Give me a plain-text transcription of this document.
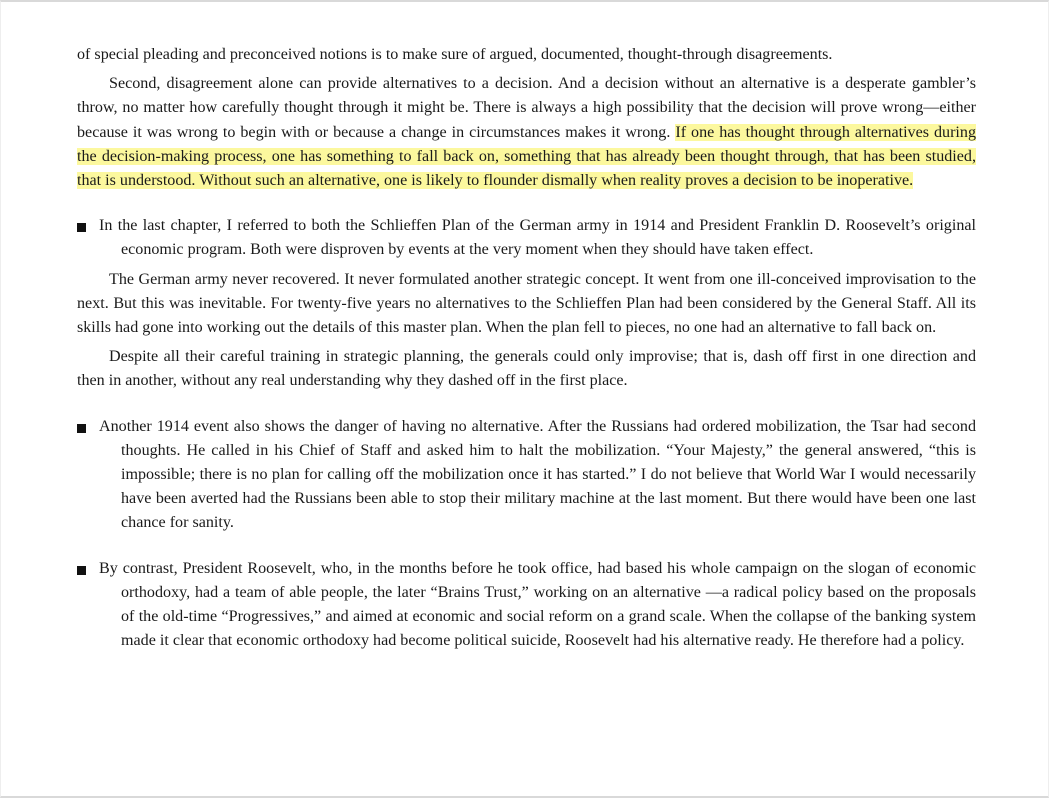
of special pleading and preconceived notions is to make sure of argued, documented, thought-through disagreements.

Second, disagreement alone can provide alternatives to a decision. And a decision without an alternative is a desperate gambler’s throw, no matter how carefully thought through it might be. There is always a high possibility that the decision will prove wrong—either because it was wrong to begin with or because a change in circumstances makes it wrong. If one has thought through alternatives during the decision-making process, one has something to fall back on, something that has already been thought through, that has been studied, that is understood. Without such an alternative, one is likely to flounder dismally when reality proves a decision to be inoperative.

In the last chapter, I referred to both the Schlieffen Plan of the German army in 1914 and President Franklin D. Roosevelt’s original economic program. Both were disproven by events at the very moment when they should have taken effect.

The German army never recovered. It never formulated another strategic concept. It went from one ill-conceived improvisation to the next. But this was inevitable. For twenty-five years no alternatives to the Schlieffen Plan had been considered by the General Staff. All its skills had gone into working out the details of this master plan. When the plan fell to pieces, no one had an alternative to fall back on.

Despite all their careful training in strategic planning, the generals could only improvise; that is, dash off first in one direction and then in another, without any real understanding why they dashed off in the first place.

Another 1914 event also shows the danger of having no alternative. After the Russians had ordered mobilization, the Tsar had second thoughts. He called in his Chief of Staff and asked him to halt the mobilization. “Your Majesty,” the general answered, “this is impossible; there is no plan for calling off the mobilization once it has started.” I do not believe that World War I would necessarily have been averted had the Russians been able to stop their military machine at the last moment. But there would have been one last chance for sanity.
By contrast, President Roosevelt, who, in the months before he took office, had based his whole campaign on the slogan of economic orthodoxy, had a team of able people, the later “Brains Trust,” working on an alternative —a radical policy based on the proposals of the old-time “Progressives,” and aimed at economic and social reform on a grand scale. When the collapse of the banking system made it clear that economic orthodoxy had become political suicide, Roosevelt had his alternative ready. He therefore had a policy.
